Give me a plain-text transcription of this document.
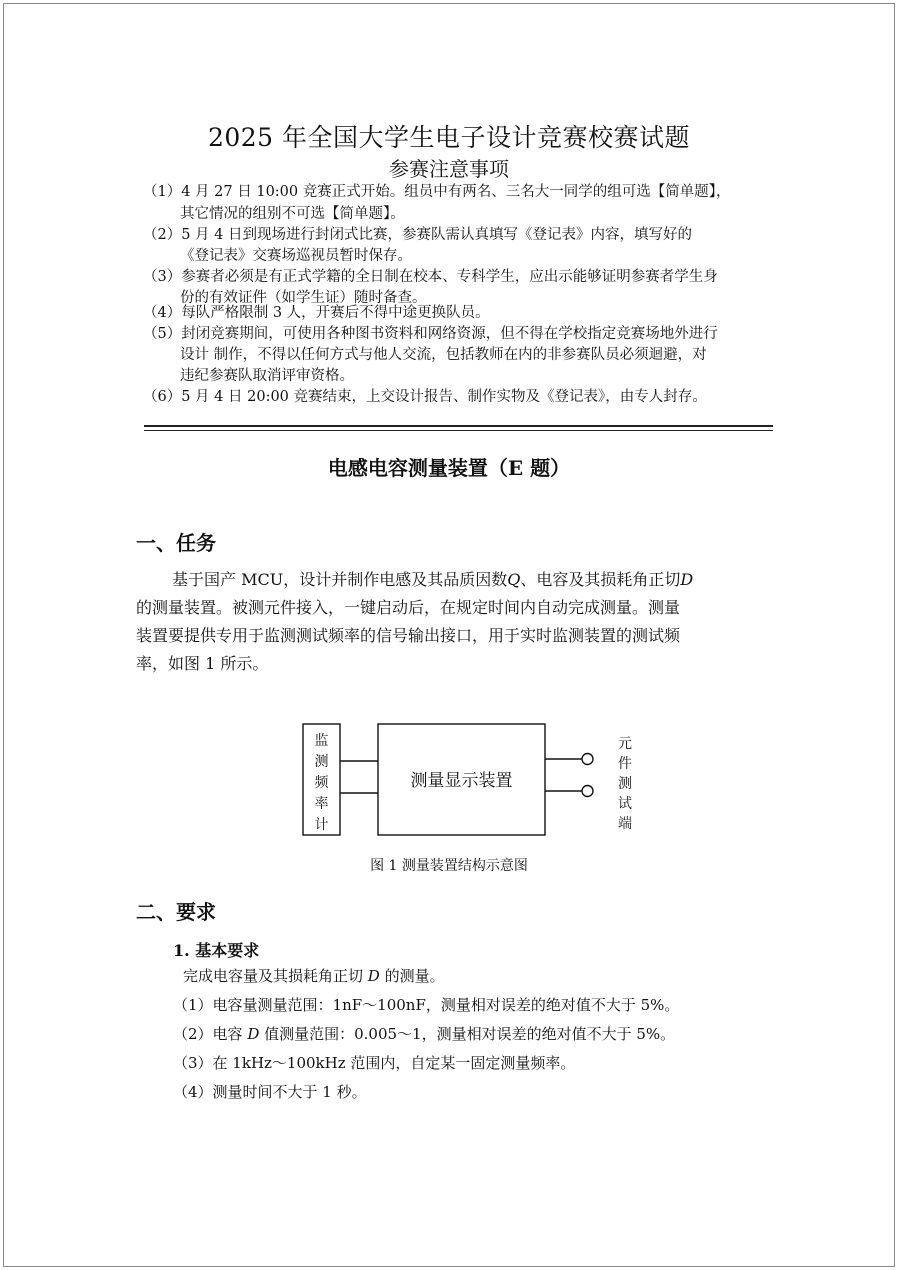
2025 年全国大学生电子设计竞赛校赛试题
参赛注意事项
（1）4 月 27 日 10:00 竞赛正式开始。组员中有两名、三名大一同学的组可选【简单题】，
其它情况的组别不可选【简单题】。
（2）5 月 4 日到现场进行封闭式比赛，参赛队需认真填写《登记表》内容，填写好的
《登记表》交赛场巡视员暂时保存。
（3）参赛者必须是有正式学籍的全日制在校本、专科学生，应出示能够证明参赛者学生身
份的有效证件（如学生证）随时备查。
（4）每队严格限制 3 人，开赛后不得中途更换队员。
（5）封闭竞赛期间，可使用各种图书资料和网络资源，但不得在学校指定竞赛场地外进行
设计 制作，不得以任何方式与他人交流，包括教师在内的非参赛队员必须迴避，对
违纪参赛队取消评审资格。
（6）5 月 4 日 20:00 竞赛结束，上交设计报告、制作实物及《登记表》，由专人封存。
电感电容测量装置（E 题）
一、任务
基于国产 MCU，设计并制作电感及其品质因数Q、电容及其损耗角正切D
的测量装置。被测元件接入，一键启动后，在规定时间内自动完成测量。测量
装置要提供专用于监测测试频率的信号输出接口，用于实时监测装置的测试频
率，如图 1 所示。
监
测
频
率
计
测量显示装置
元
件
测
试
端
图 1 测量装置结构示意图
二、要求
1. 基本要求
完成电容量及其损耗角正切 D 的测量。
（1）电容量测量范围：1nF～100nF，测量相对误差的绝对值不大于 5%。
（2）电容 D 值测量范围：0.005～1，测量相对误差的绝对值不大于 5%。
（3）在 1kHz～100kHz 范围内，自定某一固定测量频率。
（4）测量时间不大于 1 秒。
